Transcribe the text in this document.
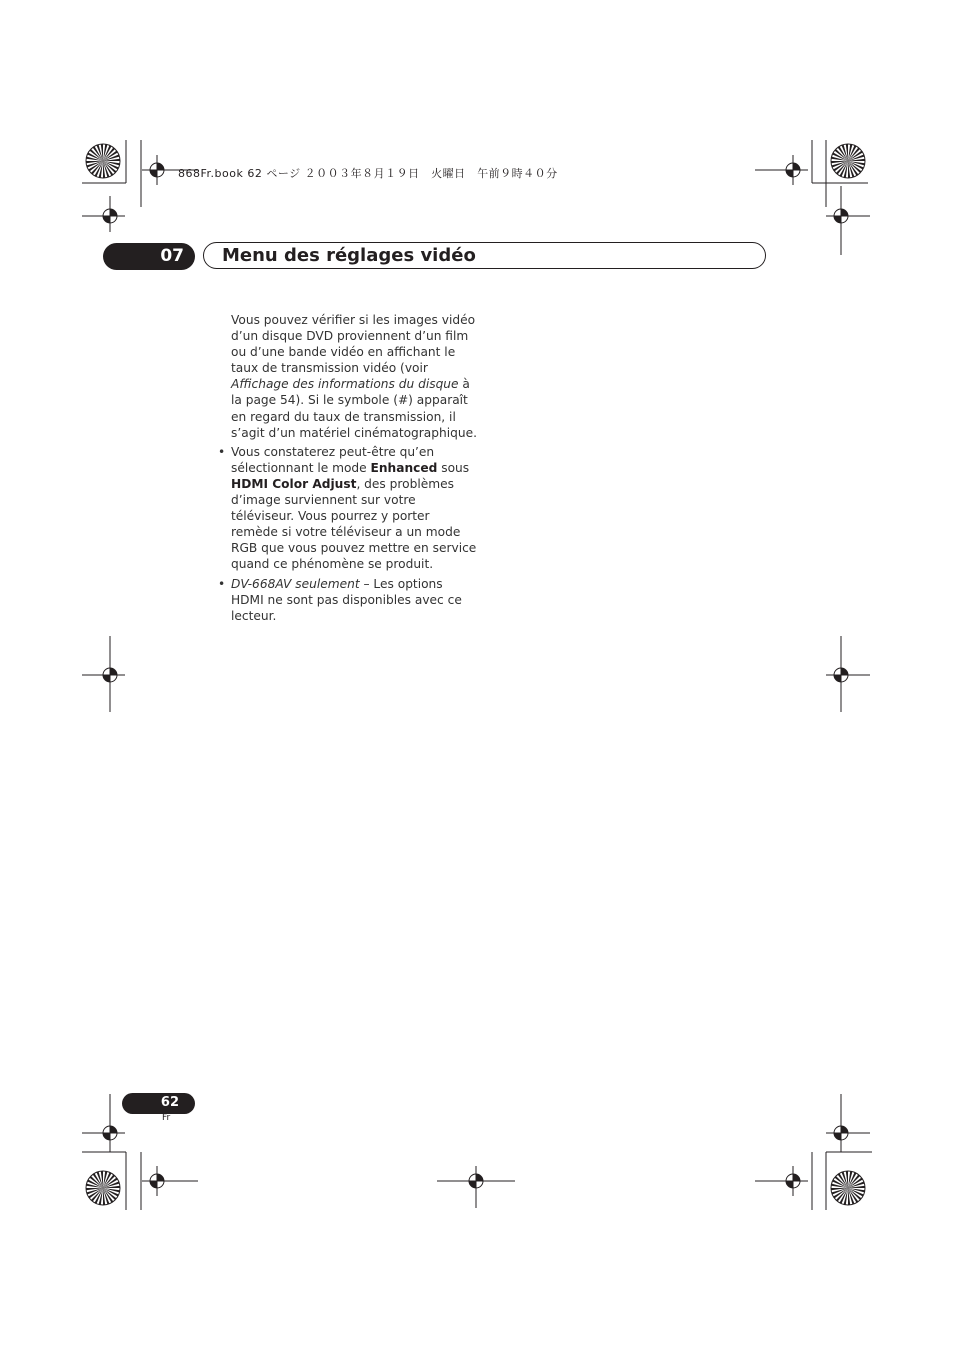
868Fr.book 62 ページ ２００３年８月１９日　火曜日　午前９時４０分
07 Menu des réglages vidéo

Vous pouvez vérifier si les images vidéo d’un disque DVD proviennent d’un film ou d’une bande vidéo en affichant le taux de transmission vidéo (voir Affichage des informations du disque à la page 54). Si le symbole (#) apparaît en regard du taux de transmission, il s’agit d’un matériel cinématographique.

• Vous constaterez peut-être qu’en sélectionnant le mode Enhanced sous HDMI Color Adjust, des problèmes d’image surviennent sur votre téléviseur. Vous pourrez y porter remède si votre téléviseur a un mode RGB que vous pouvez mettre en service quand ce phénomène se produit.

• DV-668AV seulement – Les options HDMI ne sont pas disponibles avec ce lecteur.

62
Fr
